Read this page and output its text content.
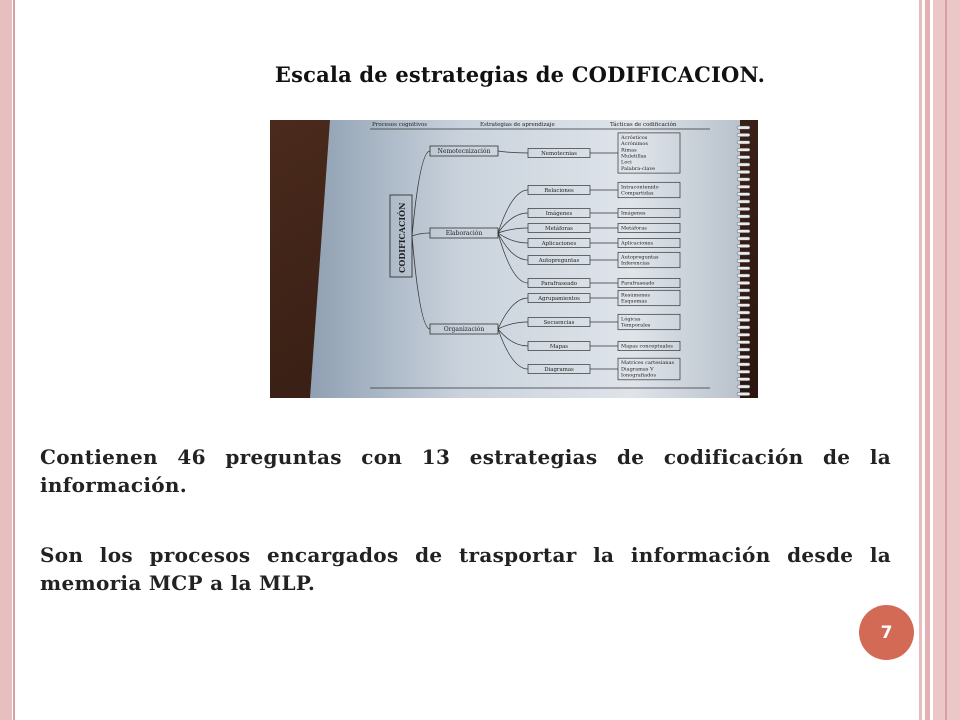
Escala de estrategias de CODIFICACION.
Procesos cognitivos	Estrategias de aprendizaje	Tácticas de codificación
CODIFICACIÓN
Nemotecnización
Elaboración
Organización
Nemotecnias
Relaciones
Imágenes
Metáforas
Aplicaciones
Autopreguntas
Parafraseado
Agrupamientos
Secuencias
Mapas
Diagramas
Acrósticos
Acrónimos
Rimas
Muletillas
Loci
Palabra-clave
Intracontenido
Compartidas
Imágenes
Metáforas
Aplicaciones
Autopreguntas
Inferencias
Parafraseado
Resúmenes
Esquemas
Lógicas
Temporales
Mapas conceptuales
Matrices cartesianas
Diagramas V
Ionografiados
Contienen 46 preguntas con 13 estrategias de codificación de la información.
Son los procesos encargados de trasportar la información desde la memoria MCP a la MLP.
7
